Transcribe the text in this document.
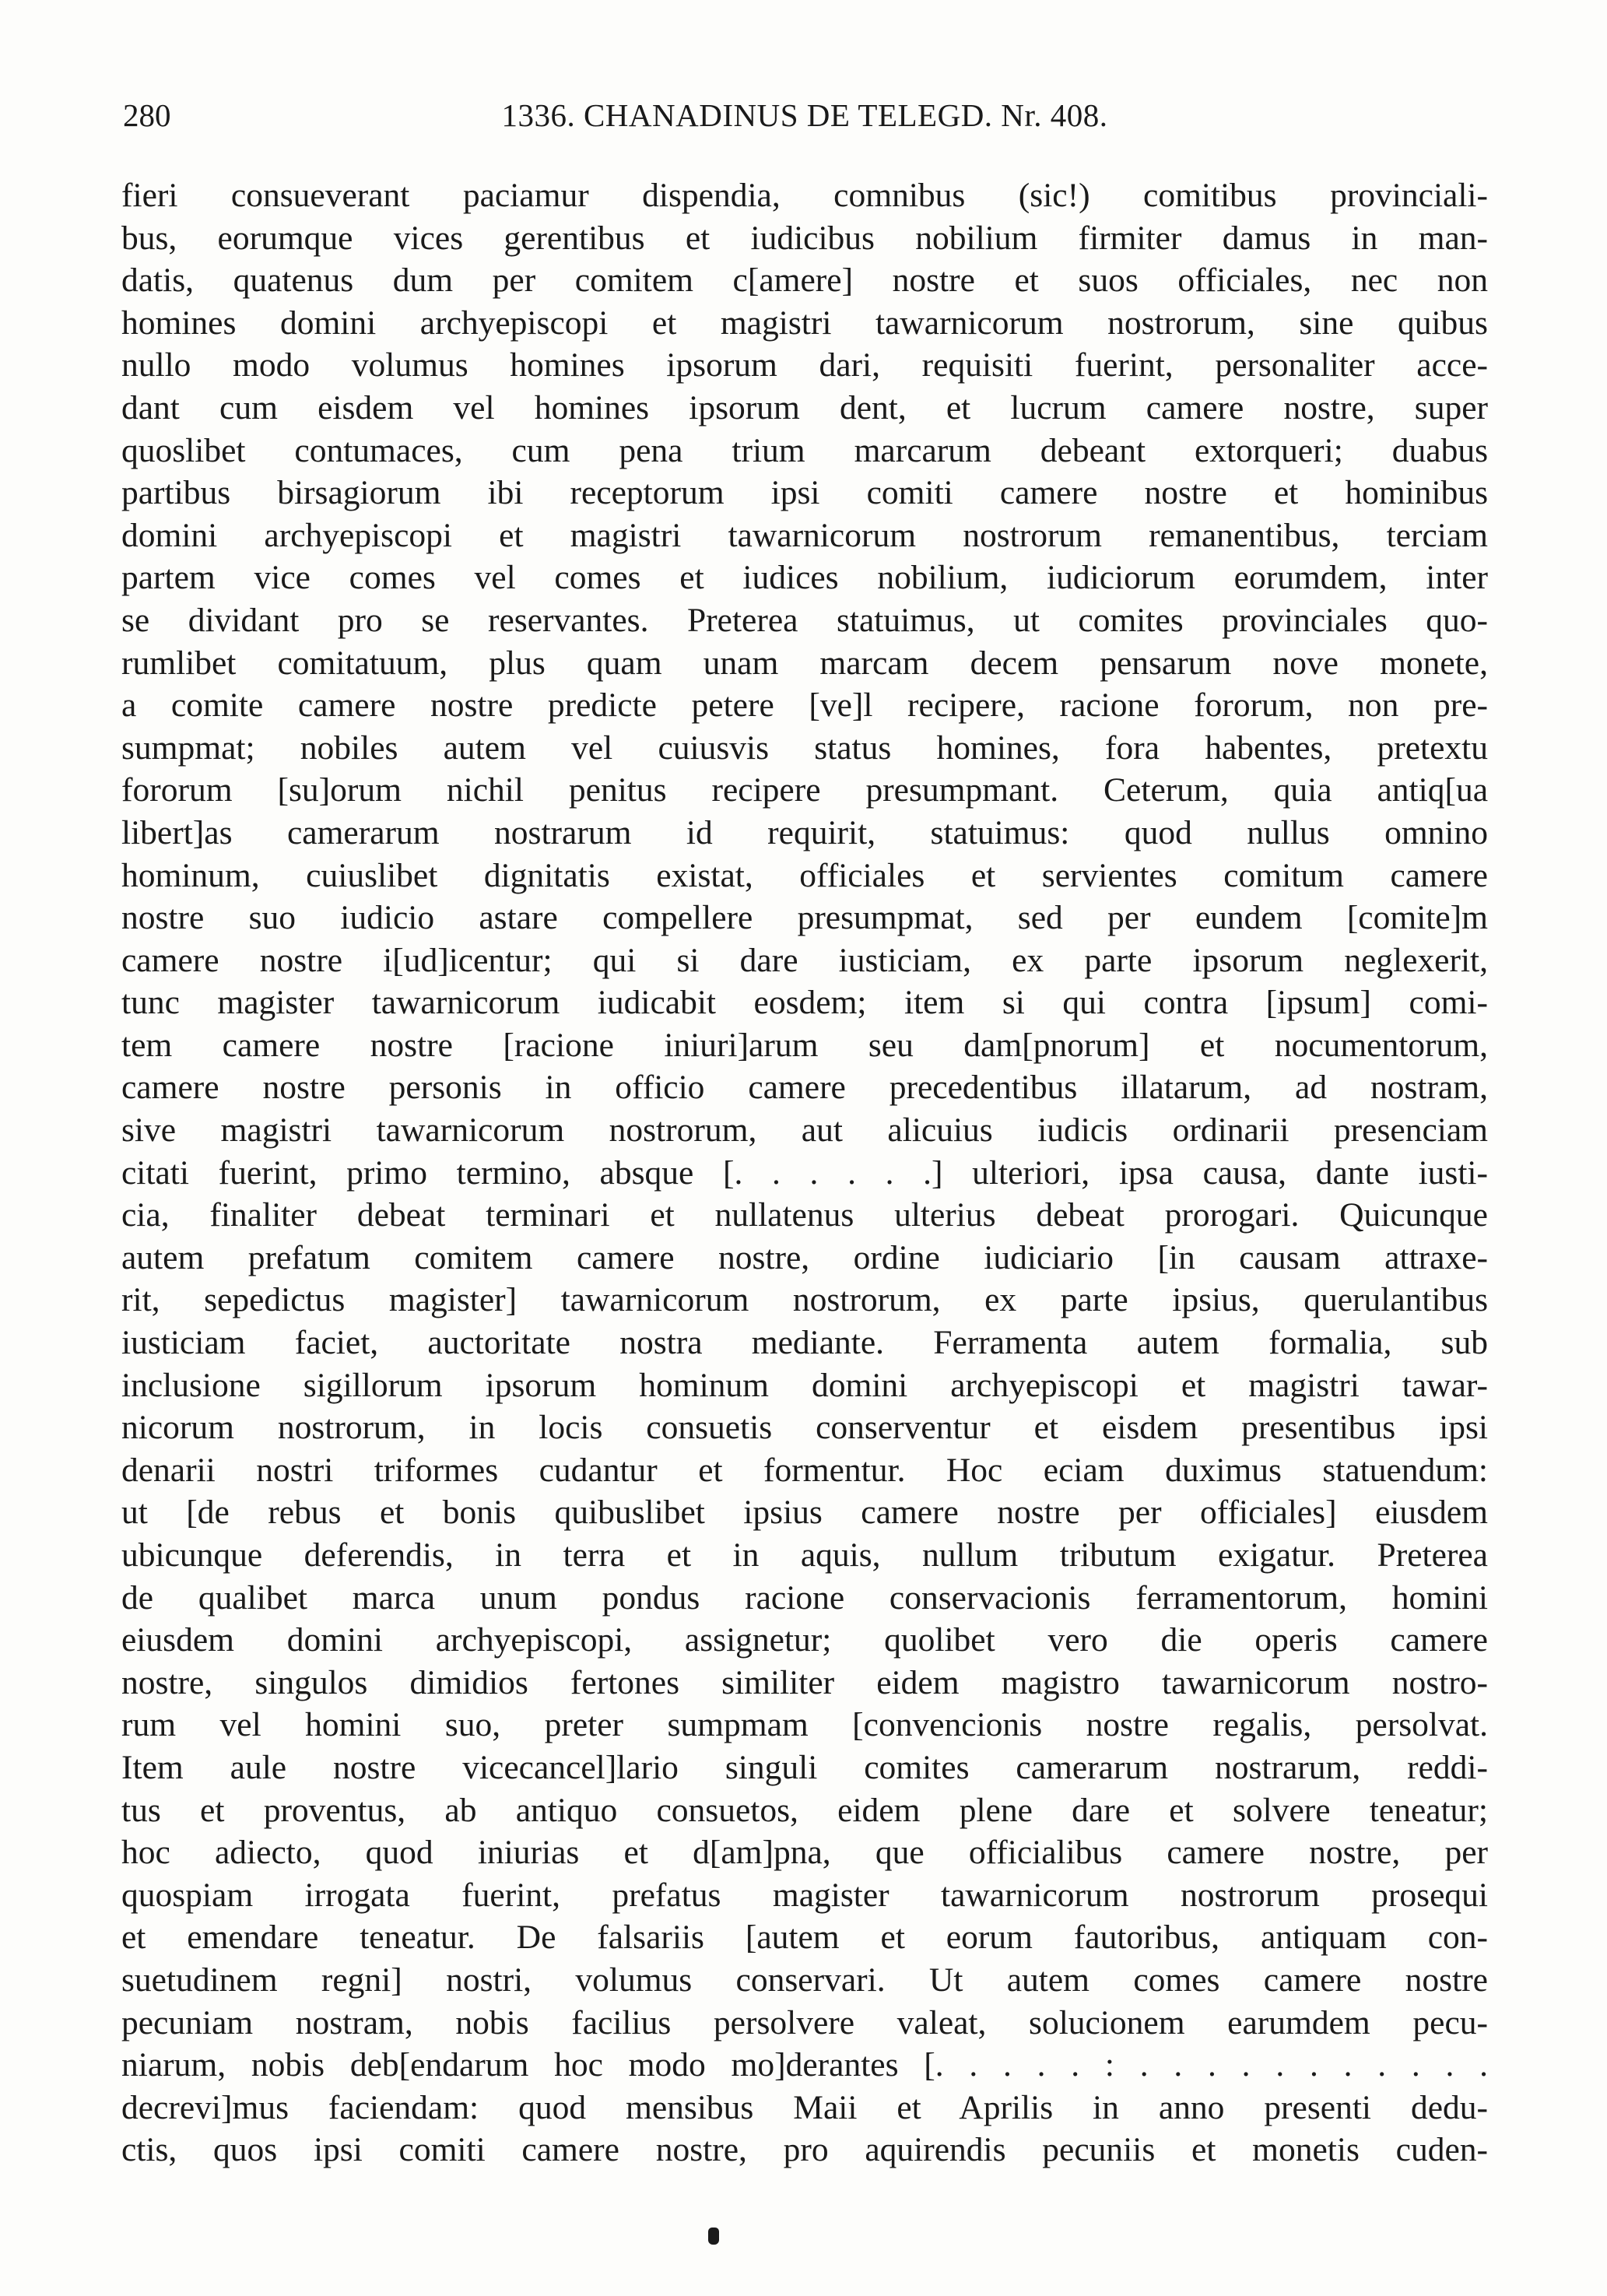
280	1336. CHANADINUS DE TELEGD. Nr. 408.
fieri consueverant paciamur dispendia, comnibus (sic!) comitibus provinciali-
bus, eorumque vices gerentibus et iudicibus nobilium firmiter damus in man-
datis, quatenus dum per comitem c[amere] nostre et suos officiales, nec non
homines domini archyepiscopi et magistri tawarnicorum nostrorum, sine quibus
nullo modo volumus homines ipsorum dari, requisiti fuerint, personaliter acce-
dant cum eisdem vel homines ipsorum dent, et lucrum camere nostre, super
quoslibet contumaces, cum pena trium marcarum debeant extorqueri; duabus
partibus birsagiorum ibi receptorum ipsi comiti camere nostre et hominibus
domini archyepiscopi et magistri tawarnicorum nostrorum remanentibus, terciam
partem vice comes vel comes et iudices nobilium, iudiciorum eorumdem, inter
se dividant pro se reservantes. Preterea statuimus, ut comites provinciales quo-
rumlibet comitatuum, plus quam unam marcam decem pensarum nove monete,
a comite camere nostre predicte petere [ve]l recipere, racione fororum, non pre-
sumpmat; nobiles autem vel cuiusvis status homines, fora habentes, pretextu
fororum [su]orum nichil penitus recipere presumpmant. Ceterum, quia antiq[ua
libert]as camerarum nostrarum id requirit, statuimus: quod nullus omnino
hominum, cuiuslibet dignitatis existat, officiales et servientes comitum camere
nostre suo iudicio astare compellere presumpmat, sed per eundem [comite]m
camere nostre i[ud]icentur; qui si dare iusticiam, ex parte ipsorum neglexerit,
tunc magister tawarnicorum iudicabit eosdem; item si qui contra [ipsum] comi-
tem camere nostre [racione iniuri]arum seu dam[pnorum] et nocumentorum,
camere nostre personis in officio camere precedentibus illatarum, ad nostram,
sive magistri tawarnicorum nostrorum, aut alicuius iudicis ordinarii presenciam
citati fuerint, primo termino, absque [. . . . . .] ulteriori, ipsa causa, dante iusti-
cia, finaliter debeat terminari et nullatenus ulterius debeat prorogari. Quicunque
autem prefatum comitem camere nostre, ordine iudiciario [in causam attraxe-
rit, sepedictus magister] tawarnicorum nostrorum, ex parte ipsius, querulantibus
iusticiam faciet, auctoritate nostra mediante. Ferramenta autem formalia, sub
inclusione sigillorum ipsorum hominum domini archyepiscopi et magistri tawar-
nicorum nostrorum, in locis consuetis conserventur et eisdem presentibus ipsi
denarii nostri triformes cudantur et formentur. Hoc eciam duximus statuendum:
ut [de rebus et bonis quibuslibet ipsius camere nostre per officiales] eiusdem
ubicunque deferendis, in terra et in aquis, nullum tributum exigatur. Preterea
de qualibet marca unum pondus racione conservacionis ferramentorum, homini
eiusdem domini archyepiscopi, assignetur; quolibet vero die operis camere
nostre, singulos dimidios fertones similiter eidem magistro tawarnicorum nostro-
rum vel homini suo, preter sumpmam [convencionis nostre regalis, persolvat.
Item aule nostre vicecancel]lario singuli comites camerarum nostrarum, reddi-
tus et proventus, ab antiquo consuetos, eidem plene dare et solvere teneatur;
hoc adiecto, quod iniurias et d[am]pna, que officialibus camere nostre, per
quospiam irrogata fuerint, prefatus magister tawarnicorum nostrorum prosequi
et emendare teneatur. De falsariis [autem et eorum fautoribus, antiquam con-
suetudinem regni] nostri, volumus conservari. Ut autem comes camere nostre
pecuniam nostram, nobis facilius persolvere valeat, solucionem earumdem pecu-
niarum, nobis deb[endarum hoc modo mo]derantes [. . . . . : . . . . . . . . . . .
decrevi]mus faciendam: quod mensibus Maii et Aprilis in anno presenti dedu-
ctis, quos ipsi comiti camere nostre, pro aquirendis pecuniis et monetis cuden-
